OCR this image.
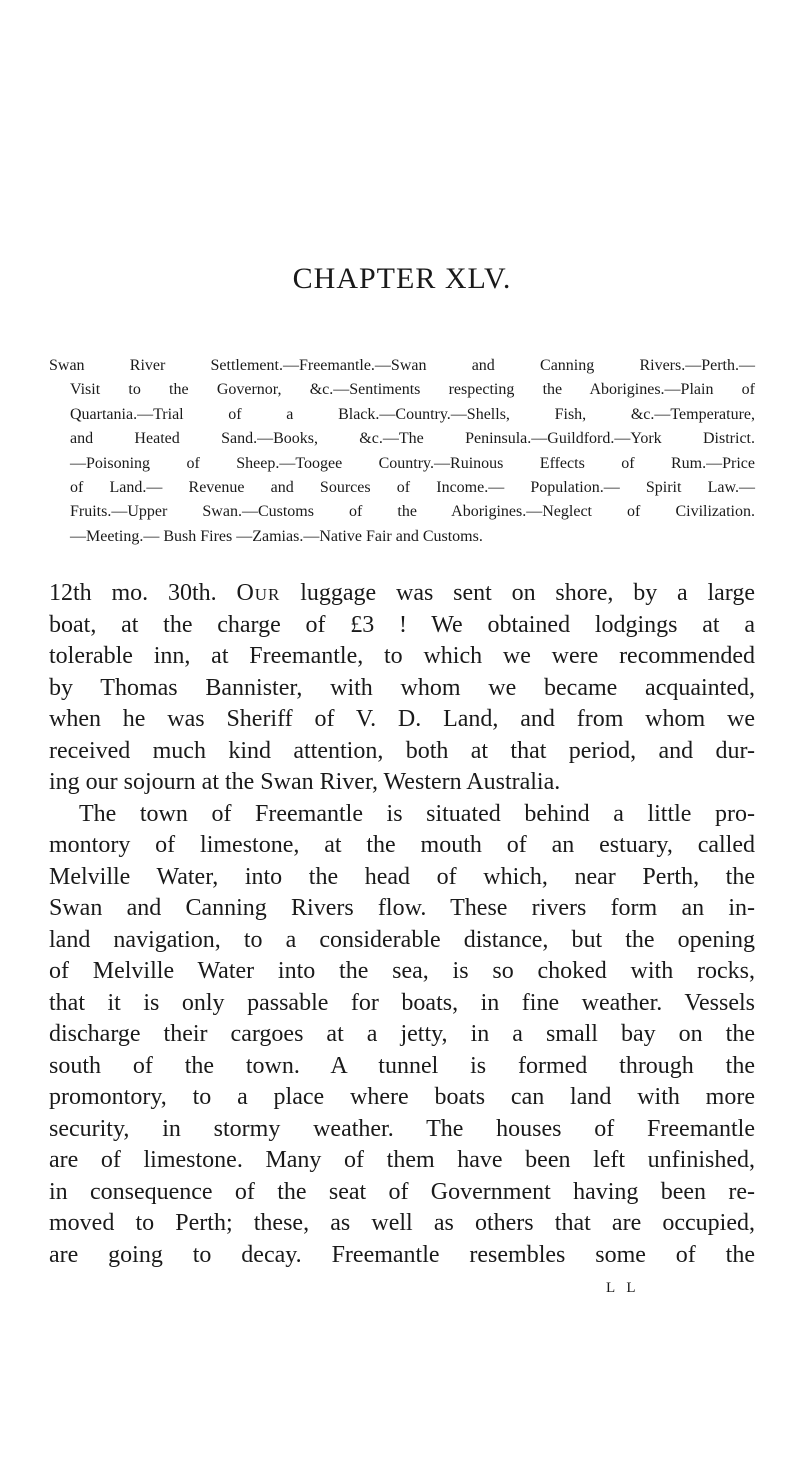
CHAPTER XLV.
Swan River Settlement.—Freemantle.—Swan and Canning Rivers.—Perth.—
Visit to the Governor, &c.—Sentiments respecting the Aborigines.—Plain of
Quartania.—Trial of a Black.—Country.—Shells, Fish, &c.—Temperature,
and Heated Sand.—Books, &c.—The Peninsula.—Guildford.—York District.
—Poisoning of Sheep.—Toogee Country.—Ruinous Effects of Rum.—Price
of Land.— Revenue and Sources of Income.— Population.— Spirit Law.—
Fruits.—Upper Swan.—Customs of the Aborigines.—Neglect of Civilization.
—Meeting.— Bush Fires —Zamias.—Native Fair and Customs.
12th mo. 30th. Our luggage was sent on shore, by a large
boat, at the charge of £3 ! We obtained lodgings at a
tolerable inn, at Freemantle, to which we were recommended
by Thomas Bannister, with whom we became acquainted,
when he was Sheriff of V. D. Land, and from whom we
received much kind attention, both at that period, and dur-
ing our sojourn at the Swan River, Western Australia.
The town of Freemantle is situated behind a little pro-
montory of limestone, at the mouth of an estuary, called
Melville Water, into the head of which, near Perth, the
Swan and Canning Rivers flow. These rivers form an in-
land navigation, to a considerable distance, but the opening
of Melville Water into the sea, is so choked with rocks,
that it is only passable for boats, in fine weather. Vessels
discharge their cargoes at a jetty, in a small bay on the
south of the town. A tunnel is formed through the
promontory, to a place where boats can land with more
security, in stormy weather. The houses of Freemantle
are of limestone. Many of them have been left unfinished,
in consequence of the seat of Government having been re-
moved to Perth; these, as well as others that are occupied,
are going to decay. Freemantle resembles some of the
L L
